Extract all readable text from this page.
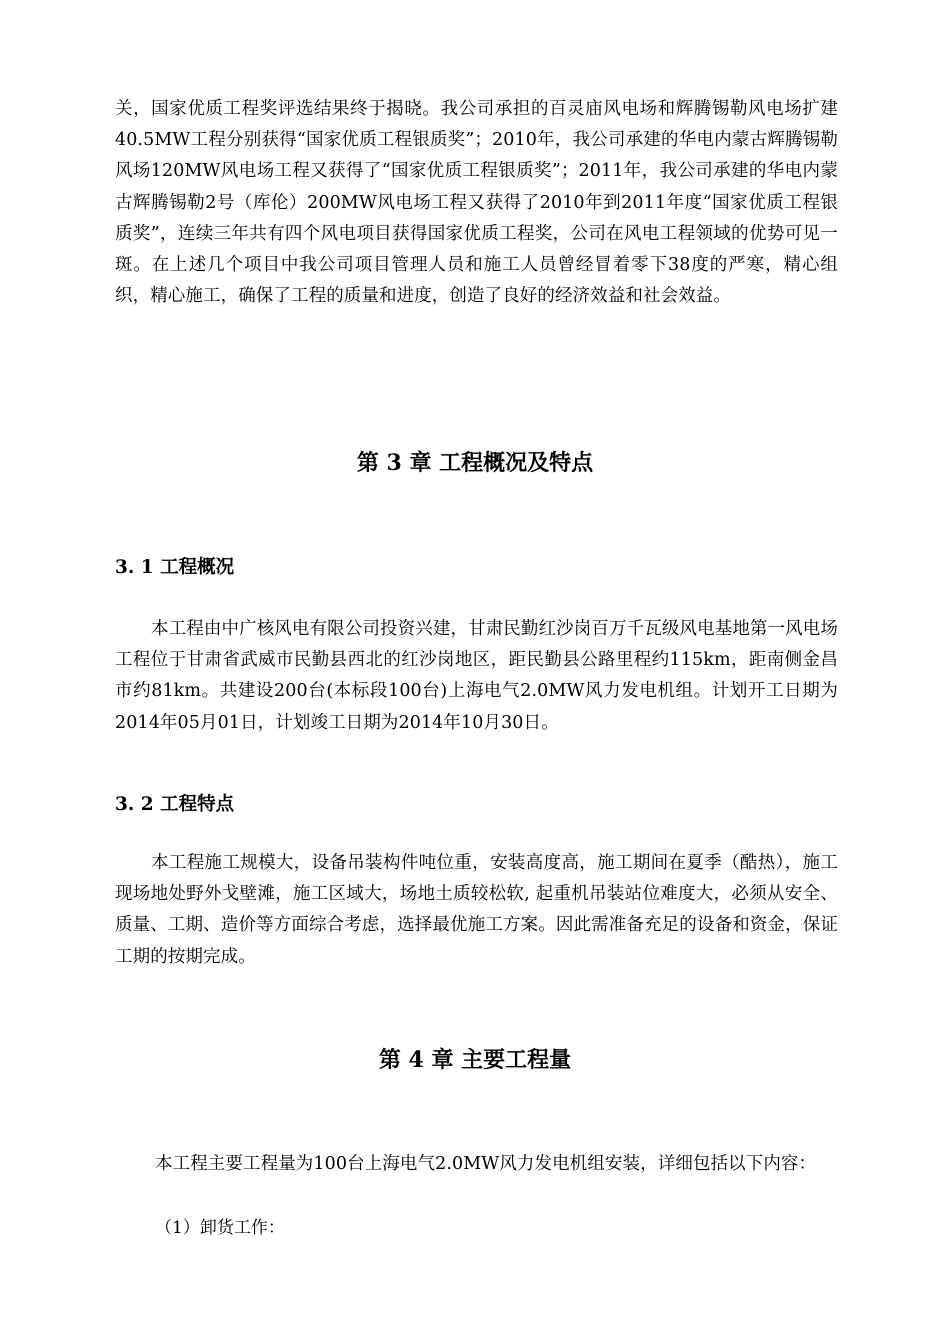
关，国家优质工程奖评选结果终于揭晓。我公司承担的百灵庙风电场和辉腾锡勒风电场扩建40.5MW工程分别获得“国家优质工程银质奖”；2010年，我公司承建的华电内蒙古辉腾锡勒风场120MW风电场工程又获得了“国家优质工程银质奖”；2011年，我公司承建的华电内蒙古辉腾锡勒2号（库伦）200MW风电场工程又获得了2010年到2011年度“国家优质工程银质奖”，连续三年共有四个风电项目获得国家优质工程奖，公司在风电工程领域的优势可见一斑。在上述几个项目中我公司项目管理人员和施工人员曾经冒着零下38度的严寒，精心组织，精心施工，确保了工程的质量和进度，创造了良好的经济效益和社会效益。

第 3 章 工程概况及特点
3. 1 工程概况

本工程由中广核风电有限公司投资兴建，甘肃民勤红沙岗百万千瓦级风电基地第一风电场工程位于甘肃省武威市民勤县西北的红沙岗地区，距民勤县公路里程约115km，距南侧金昌市约81km。共建设200台(本标段100台)上海电气2.0MW风力发电机组。计划开工日期为2014年05月01日，计划竣工日期为2014年10月30日。

3. 2 工程特点

本工程施工规模大，设备吊装构件吨位重，安装高度高，施工期间在夏季（酷热），施工现场地处野外戈壁滩，施工区域大，场地土质较松软, 起重机吊装站位难度大，必须从安全、质量、工期、造价等方面综合考虑，选择最优施工方案。因此需准备充足的设备和资金，保证工期的按期完成。

第 4 章 主要工程量

本工程主要工程量为100台上海电气2.0MW风力发电机组安装，详细包括以下内容：

（1）卸货工作：
